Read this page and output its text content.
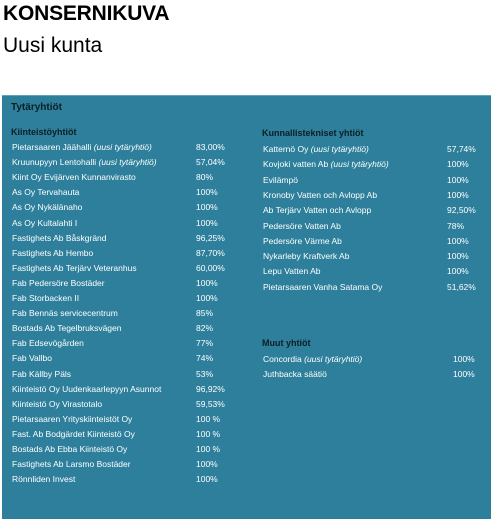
KONSERNIKUVA
Uusi kunta
Tytäryhtiöt
Kiinteistöyhtiöt
Pietarsaaren Jäähalli (uusi tytäryhtiö)	83,00%
Kruunupyyn Lentohalli (uusi tytäryhtiö)	57,04%
Kiint Oy Evijärven Kunnanvirasto	80%
As Oy Tervahauta	100%
As Oy Nykälänaho	100%
As Oy Kultalahti I	100%
Fastighets Ab Båskgränd	96,25%
Fastighets Ab Hembo	87,70%
Fastighets Ab Terjärv Veteranhus	60,00%
Fab Pedersöre Bostäder	100%
Fab Storbacken II	100%
Fab Bennäs servicecentrum	85%
Bostads Ab Tegelbruksvägen	82%
Fab Edsevögården	77%
Fab Vallbo	74%
Fab Källby Päls	53%
Kiinteistö Oy Uudenkaarlepyyn Asunnot	96,92%
Kiinteistö Oy Virastotalo	59,53%
Pietarsaaren Yrityskiinteistöt Oy	100 %
Fast. Ab Bodgärdet Kiinteistö Oy	100 %
Bostads Ab Ebba Kiinteistö Oy	100 %
Fastighets Ab Larsmo Bostäder	100%
Rönnliden Invest	100%
Kunnallistekniset yhtiöt
Katternö Oy (uusi tytäryhtiö)	57,74%
Kovjoki vatten Ab (uusi tytäryhtiö)	100%
Evilämpö	100%
Kronoby Vatten och Avlopp Ab	100%
Ab Terjärv Vatten och Avlopp	92,50%
Pedersöre Vatten Ab	78%
Pedersöre Värme Ab	100%
Nykarleby Kraftverk Ab	100%
Lepu Vatten Ab	100%
Pietarsaaren Vanha Satama Oy	51,62%
Muut yhtiöt
Concordia (uusi tytäryhtiö)	100%
Juthbacka säätiö	100%
